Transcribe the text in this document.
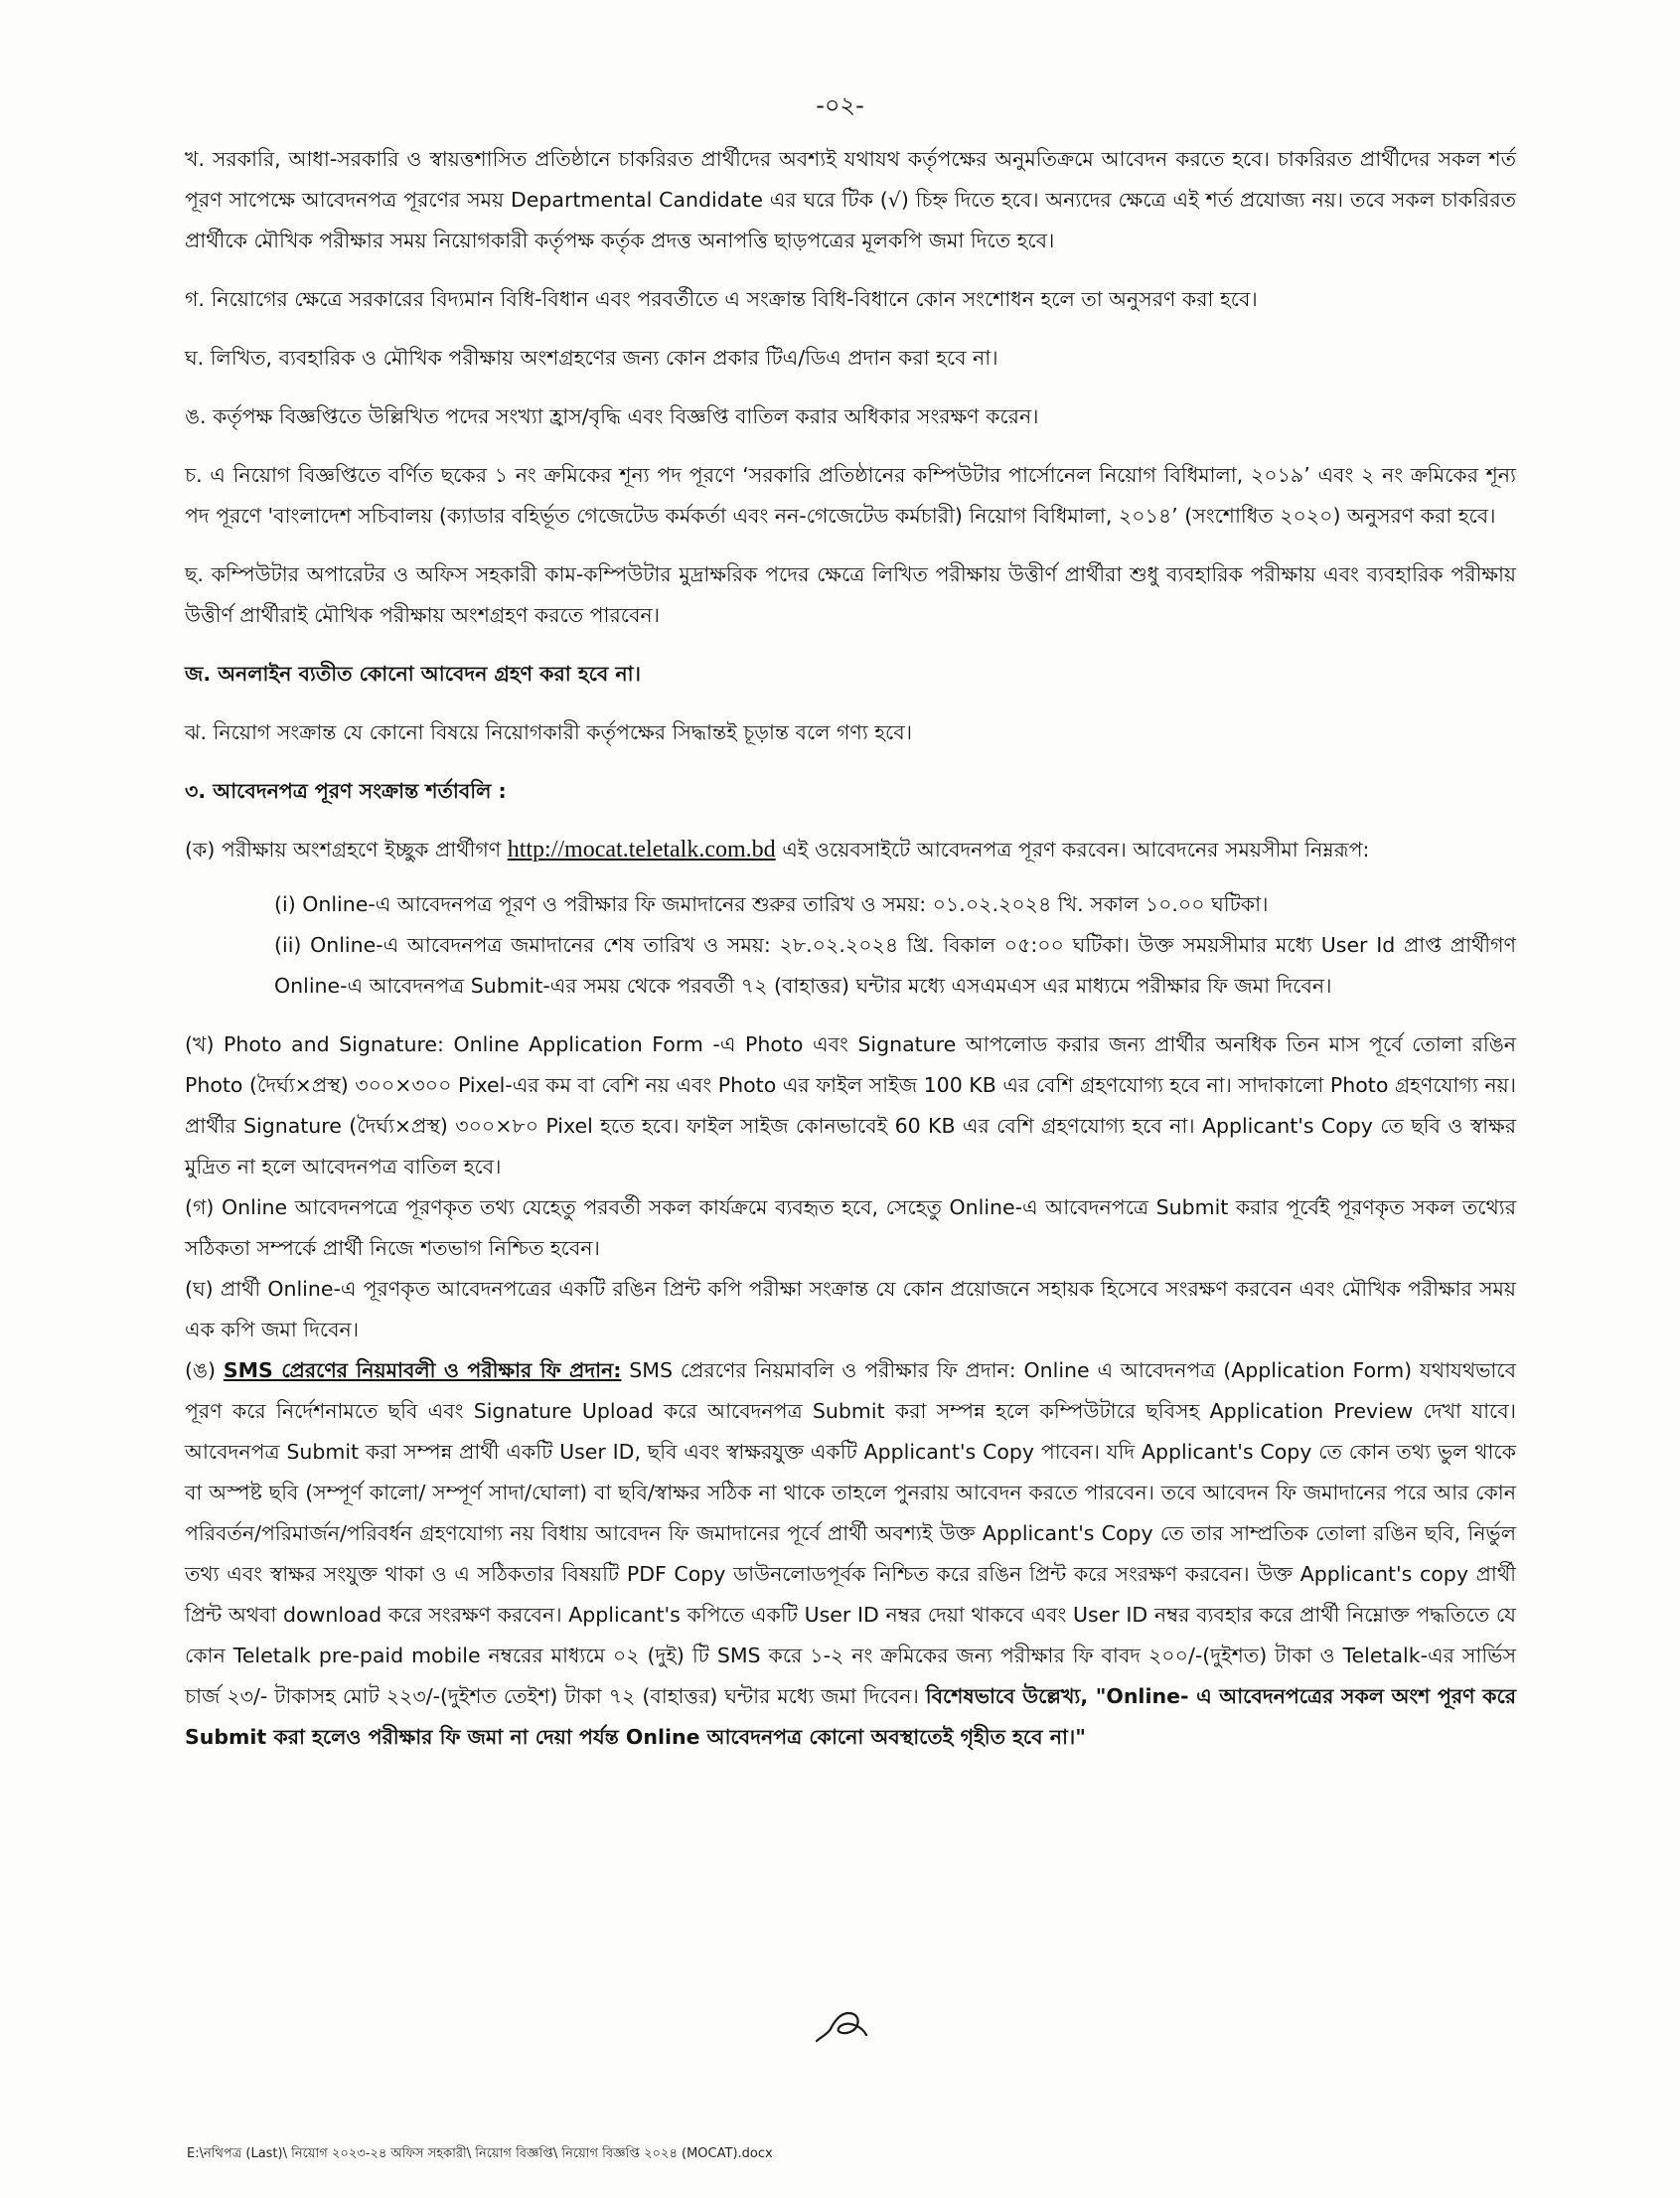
-০২-

খ. সরকারি, আধা-সরকারি ও স্বায়ত্তশাসিত প্রতিষ্ঠানে চাকরিরত প্রার্থীদের অবশ্যই যথাযথ কর্তৃপক্ষের অনুমতিক্রমে আবেদন করতে হবে। চাকরিরত প্রার্থীদের সকল শর্ত পূরণ সাপেক্ষে আবেদনপত্র পূরণের সময় Departmental Candidate এর ঘরে টিক (√) চিহ্ন দিতে হবে। অন্যদের ক্ষেত্রে এই শর্ত প্রযোজ্য নয়। তবে সকল চাকরিরত প্রার্থীকে মৌখিক পরীক্ষার সময় নিয়োগকারী কর্তৃপক্ষ কর্তৃক প্রদত্ত অনাপত্তি ছাড়পত্রের মূলকপি জমা দিতে হবে।

গ. নিয়োগের ক্ষেত্রে সরকারের বিদ্যমান বিধি-বিধান এবং পরবর্তীতে এ সংক্রান্ত বিধি-বিধানে কোন সংশোধন হলে তা অনুসরণ করা হবে।

ঘ. লিখিত, ব্যবহারিক ও মৌখিক পরীক্ষায় অংশগ্রহণের জন্য কোন প্রকার টিএ/ডিএ প্রদান করা হবে না।

ঙ. কর্তৃপক্ষ বিজ্ঞপ্তিতে উল্লিখিত পদের সংখ্যা হ্রাস/বৃদ্ধি এবং বিজ্ঞপ্তি বাতিল করার অধিকার সংরক্ষণ করেন।

চ. এ নিয়োগ বিজ্ঞপ্তিতে বর্ণিত ছকের ১ নং ক্রমিকের শূন্য পদ পূরণে ‘সরকারি প্রতিষ্ঠানের কম্পিউটার পার্সোনেল নিয়োগ বিধিমালা, ২০১৯’ এবং ২ নং ক্রমিকের শূন্য পদ পূরণে 'বাংলাদেশ সচিবালয় (ক্যাডার বহির্ভূত গেজেটেড কর্মকর্তা এবং নন-গেজেটেড কর্মচারী) নিয়োগ বিধিমালা, ২০১৪’ (সংশোধিত ২০২০) অনুসরণ করা হবে।

ছ. কম্পিউটার অপারেটর ও অফিস সহকারী কাম-কম্পিউটার মুদ্রাক্ষরিক পদের ক্ষেত্রে লিখিত পরীক্ষায় উত্তীর্ণ প্রার্থীরা শুধু ব্যবহারিক পরীক্ষায় এবং ব্যবহারিক পরীক্ষায় উত্তীর্ণ প্রার্থীরাই মৌখিক পরীক্ষায় অংশগ্রহণ করতে পারবেন।

জ. অনলাইন ব্যতীত কোনো আবেদন গ্রহণ করা হবে না।

ঝ. নিয়োগ সংক্রান্ত যে কোনো বিষয়ে নিয়োগকারী কর্তৃপক্ষের সিদ্ধান্তই চূড়ান্ত বলে গণ্য হবে।

৩. আবেদনপত্র পূরণ সংক্রান্ত শর্তাবলি :

(ক) পরীক্ষায় অংশগ্রহণে ইচ্ছুক প্রার্থীগণ http://mocat.teletalk.com.bd এই ওয়েবসাইটে আবেদনপত্র পূরণ করবেন। আবেদনের সময়সীমা নিম্নরূপ:

(i) Online-এ আবেদনপত্র পূরণ ও পরীক্ষার ফি জমাদানের শুরুর তারিখ ও সময়: ০১.০২.২০২৪ খি. সকাল ১০.০০ ঘটিকা।

(ii) Online-এ আবেদনপত্র জমাদানের শেষ তারিখ ও সময়: ২৮.০২.২০২৪ খ্রি. বিকাল ০৫:০০ ঘটিকা। উক্ত সময়সীমার মধ্যে User Id প্রাপ্ত প্রার্থীগণ Online-এ আবেদনপত্র Submit-এর সময় থেকে পরবর্তী ৭২ (বাহাত্তর) ঘন্টার মধ্যে এসএমএস এর মাধ্যমে পরীক্ষার ফি জমা দিবেন।

(খ) Photo and Signature: Online Application Form -এ Photo এবং Signature আপলোড করার জন্য প্রার্থীর অনধিক তিন মাস পূর্বে তোলা রঙিন Photo (দৈর্ঘ্য×প্রস্থ) ৩০০×৩০০ Pixel-এর কম বা বেশি নয় এবং Photo এর ফাইল সাইজ 100 KB এর বেশি গ্রহণযোগ্য হবে না। সাদাকালো Photo গ্রহণযোগ্য নয়। প্রার্থীর Signature (দৈর্ঘ্য×প্রস্থ) ৩০০×৮০ Pixel হতে হবে। ফাইল সাইজ কোনভাবেই 60 KB এর বেশি গ্রহণযোগ্য হবে না। Applicant's Copy তে ছবি ও স্বাক্ষর মুদ্রিত না হলে আবেদনপত্র বাতিল হবে।

(গ) Online আবেদনপত্রে পূরণকৃত তথ্য যেহেতু পরবর্তী সকল কার্যক্রমে ব্যবহৃত হবে, সেহেতু Online-এ আবেদনপত্রে Submit করার পূর্বেই পূরণকৃত সকল তথ্যের সঠিকতা সম্পর্কে প্রার্থী নিজে শতভাগ নিশ্চিত হবেন।

(ঘ) প্রার্থী Online-এ পূরণকৃত আবেদনপত্রের একটি রঙিন প্রিন্ট কপি পরীক্ষা সংক্রান্ত যে কোন প্রয়োজনে সহায়ক হিসেবে সংরক্ষণ করবেন এবং মৌখিক পরীক্ষার সময় এক কপি জমা দিবেন।

(ঙ) SMS প্রেরণের নিয়মাবলী ও পরীক্ষার ফি প্রদান: SMS প্রেরণের নিয়মাবলি ও পরীক্ষার ফি প্রদান: Online এ আবেদনপত্র (Application Form) যথাযথভাবে পূরণ করে নির্দেশনামতে ছবি এবং Signature Upload করে আবেদনপত্র Submit করা সম্পন্ন হলে কম্পিউটারে ছবিসহ Application Preview দেখা যাবে। আবেদনপত্র Submit করা সম্পন্ন প্রার্থী একটি User ID, ছবি এবং স্বাক্ষরযুক্ত একটি Applicant's Copy পাবেন। যদি Applicant's Copy তে কোন তথ্য ভুল থাকে বা অস্পষ্ট ছবি (সম্পূর্ণ কালো/ সম্পূর্ণ সাদা/ঘোলা) বা ছবি/স্বাক্ষর সঠিক না থাকে তাহলে পুনরায় আবেদন করতে পারবেন। তবে আবেদন ফি জমাদানের পরে আর কোন পরিবর্তন/পরিমার্জন/পরিবর্ধন গ্রহণযোগ্য নয় বিধায় আবেদন ফি জমাদানের পূর্বে প্রার্থী অবশ্যই উক্ত Applicant's Copy তে তার সাম্প্রতিক তোলা রঙিন ছবি, নির্ভুল তথ্য এবং স্বাক্ষর সংযুক্ত থাকা ও এ সঠিকতার বিষয়টি PDF Copy ডাউনলোডপূর্বক নিশ্চিত করে রঙিন প্রিন্ট করে সংরক্ষণ করবেন। উক্ত Applicant's copy প্রার্থী প্রিন্ট অথবা download করে সংরক্ষণ করবেন। Applicant's কপিতে একটি User ID নম্বর দেয়া থাকবে এবং User ID নম্বর ব্যবহার করে প্রার্থী নিম্নোক্ত পদ্ধতিতে যে কোন Teletalk pre-paid mobile নম্বরের মাধ্যমে ০২ (দুই) টি SMS করে ১-২ নং ক্রমিকের জন্য পরীক্ষার ফি বাবদ ২০০/-(দুইশত) টাকা ও Teletalk-এর সার্ভিস চার্জ ২৩/- টাকাসহ মোট ২২৩/-(দুইশত তেইশ) টাকা ৭২ (বাহাত্তর) ঘন্টার মধ্যে জমা দিবেন। বিশেষভাবে উল্লেখ্য, "Online- এ আবেদনপত্রের সকল অংশ পূরণ করে Submit করা হলেও পরীক্ষার ফি জমা না দেয়া পর্যন্ত Online আবেদনপত্র কোনো অবস্থাতেই গৃহীত হবে না।"

E:\নথিপত্র (Last)\ নিয়োগ ২০২৩-২৪ অফিস সহকারী\ নিয়োগ বিজ্ঞপ্তি\ নিয়োগ বিজ্ঞপ্তি ২০২৪ (MOCAT).docx
